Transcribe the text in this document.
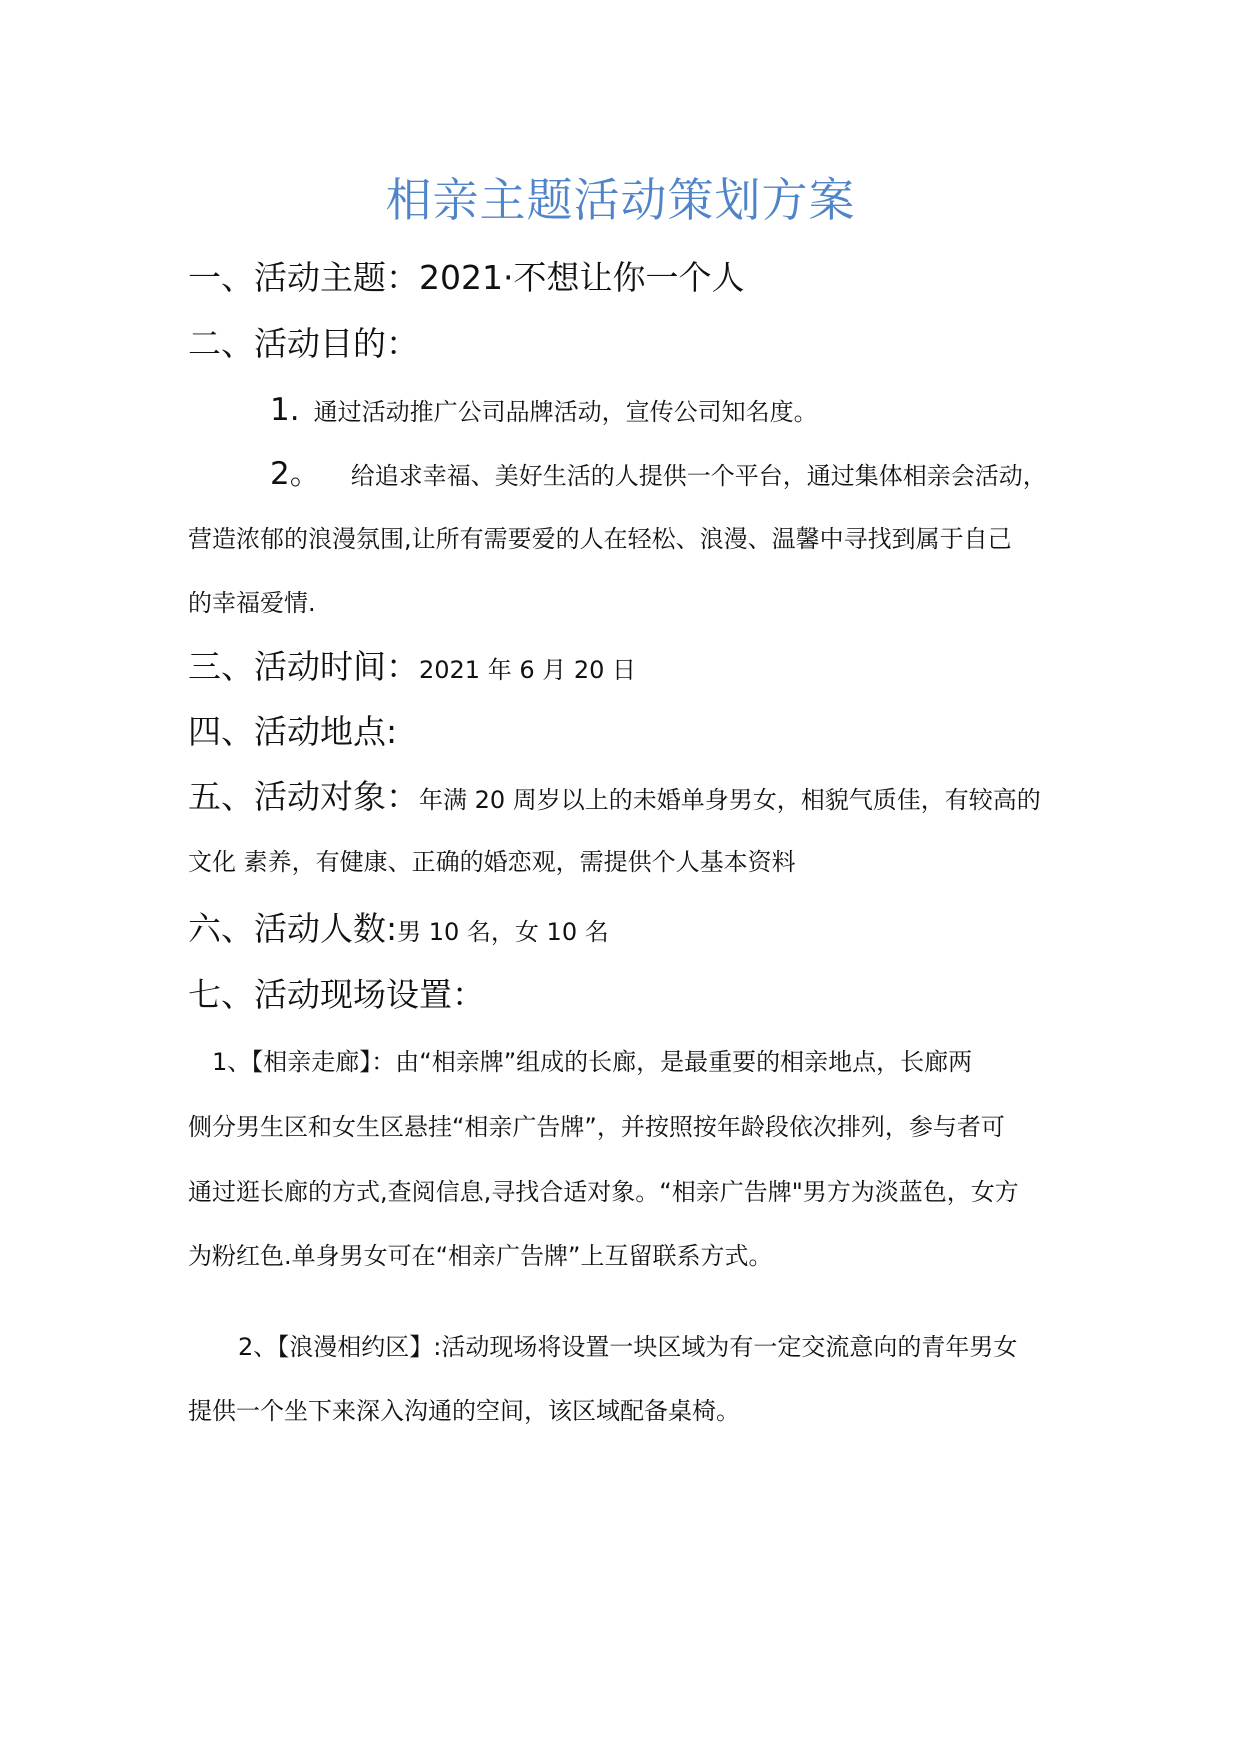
相亲主题活动策划方案
一、活动主题：2021·不想让你一个人
二、活动目的：
1. 通过活动推广公司品牌活动，宣传公司知名度。
2。 给追求幸福、美好生活的人提供一个平台，通过集体相亲会活动，
营造浓郁的浪漫氛围,让所有需要爱的人在轻松、浪漫、温馨中寻找到属于自己
的幸福爱情.
三、活动时间：2021 年 6 月 20 日
四、活动地点:
五、活动对象：年满 20 周岁以上的未婚单身男女，相貌气质佳，有较高的
文化 素养，有健康、正确的婚恋观，需提供个人基本资料
六、活动人数:男 10 名，女 10 名
七、活动现场设置：
1、【相亲走廊】：由“相亲牌”组成的长廊，是最重要的相亲地点，长廊两
侧分男生区和女生区悬挂“相亲广告牌”，并按照按年龄段依次排列，参与者可
通过逛长廊的方式,查阅信息,寻找合适对象。“相亲广告牌"男方为淡蓝色，女方
为粉红色.单身男女可在“相亲广告牌”上互留联系方式。
2、【浪漫相约区】:活动现场将设置一块区域为有一定交流意向的青年男女
提供一个坐下来深入沟通的空间，该区域配备桌椅。
